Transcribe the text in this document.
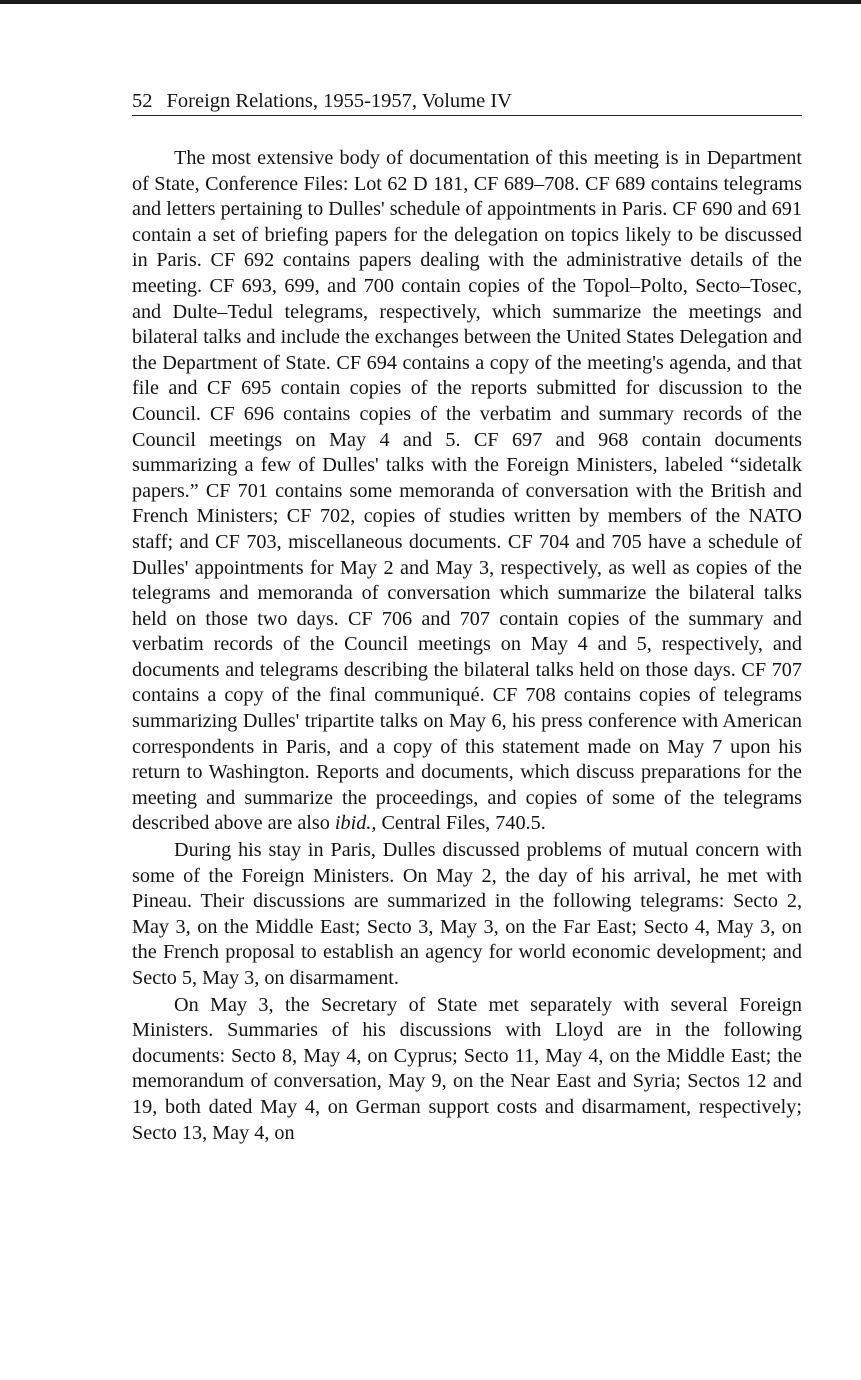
52 Foreign Relations, 1955-1957, Volume IV

The most extensive body of documentation of this meeting is in Department of State, Conference Files: Lot 62 D 181, CF 689–708. CF 689 contains telegrams and letters pertaining to Dulles' schedule of appointments in Paris. CF 690 and 691 contain a set of briefing papers for the delegation on topics likely to be discussed in Paris. CF 692 contains papers dealing with the administrative details of the meeting. CF 693, 699, and 700 contain copies of the Topol–Polto, Secto–Tosec, and Dulte–Tedul telegrams, respectively, which summarize the meetings and bilateral talks and include the exchanges between the United States Delegation and the Department of State. CF 694 contains a copy of the meeting's agenda, and that file and CF 695 contain copies of the reports submitted for discussion to the Council. CF 696 contains copies of the verbatim and summary records of the Council meetings on May 4 and 5. CF 697 and 968 contain documents summarizing a few of Dulles' talks with the Foreign Ministers, labeled “sidetalk papers.” CF 701 contains some memoranda of conversation with the British and French Ministers; CF 702, copies of studies written by members of the NATO staff; and CF 703, miscellaneous documents. CF 704 and 705 have a schedule of Dulles' appointments for May 2 and May 3, respectively, as well as copies of the telegrams and memoranda of conversation which summarize the bilateral talks held on those two days. CF 706 and 707 contain copies of the summary and verbatim records of the Council meetings on May 4 and 5, respectively, and documents and telegrams describing the bilateral talks held on those days. CF 707 contains a copy of the final communiqué. CF 708 contains copies of telegrams summarizing Dulles' tripartite talks on May 6, his press conference with American correspondents in Paris, and a copy of this statement made on May 7 upon his return to Washington. Reports and documents, which discuss preparations for the meeting and summarize the proceedings, and copies of some of the telegrams described above are also ibid., Central Files, 740.5.

During his stay in Paris, Dulles discussed problems of mutual concern with some of the Foreign Ministers. On May 2, the day of his arrival, he met with Pineau. Their discussions are summarized in the following telegrams: Secto 2, May 3, on the Middle East; Secto 3, May 3, on the Far East; Secto 4, May 3, on the French proposal to establish an agency for world economic development; and Secto 5, May 3, on disarmament.

On May 3, the Secretary of State met separately with several Foreign Ministers. Summaries of his discussions with Lloyd are in the following documents: Secto 8, May 4, on Cyprus; Secto 11, May 4, on the Middle East; the memorandum of conversation, May 9, on the Near East and Syria; Sectos 12 and 19, both dated May 4, on German support costs and disarmament, respectively; Secto 13, May 4, on
